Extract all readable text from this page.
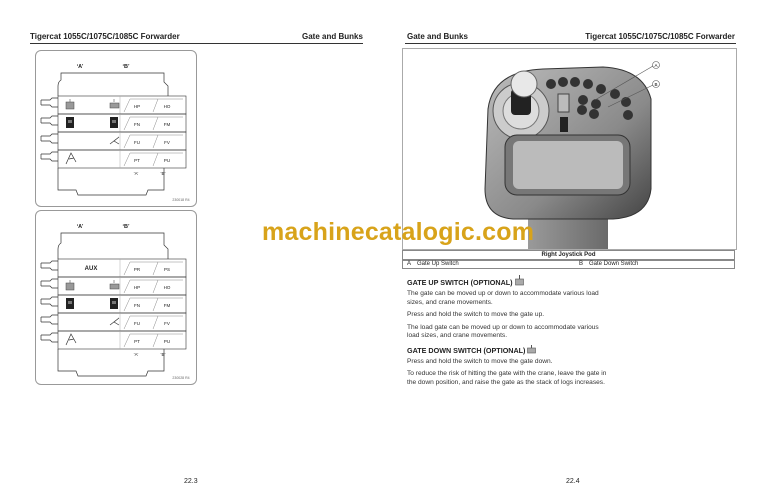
Tigercat 1055C/1075C/1085C Forwarder	Gate and Bunks
‘A’	‘B’
HP	HO
FN	FM
FU	FV
PT	PU
‘A’	‘B’
230018 R4
‘A’	‘B’
PR	PS
HP	HO
FN	FM
FU	FV
PT	PU
AUX
‘A’	‘B’
230028 R4
22.3
Gate and Bunks	Tigercat 1055C/1075C/1085C Forwarder
A
B
machinecatalogic.com
Right Joystick Pod
A Gate Up Switch	B Gate Down Switch
GATE UP SWITCH (OPTIONAL)

The gate can be moved up or down to accommodate various load sizes, and crane movements.

Press and hold the switch to move the gate up.

The load gate can be moved up or down to accommodate various load sizes, and crane movements.

GATE DOWN SWITCH (OPTIONAL)

Press and hold the switch to move the gate down.

To reduce the risk of hitting the gate with the crane, leave the gate in the down position, and raise the gate as the stack of logs increases.

22.4
